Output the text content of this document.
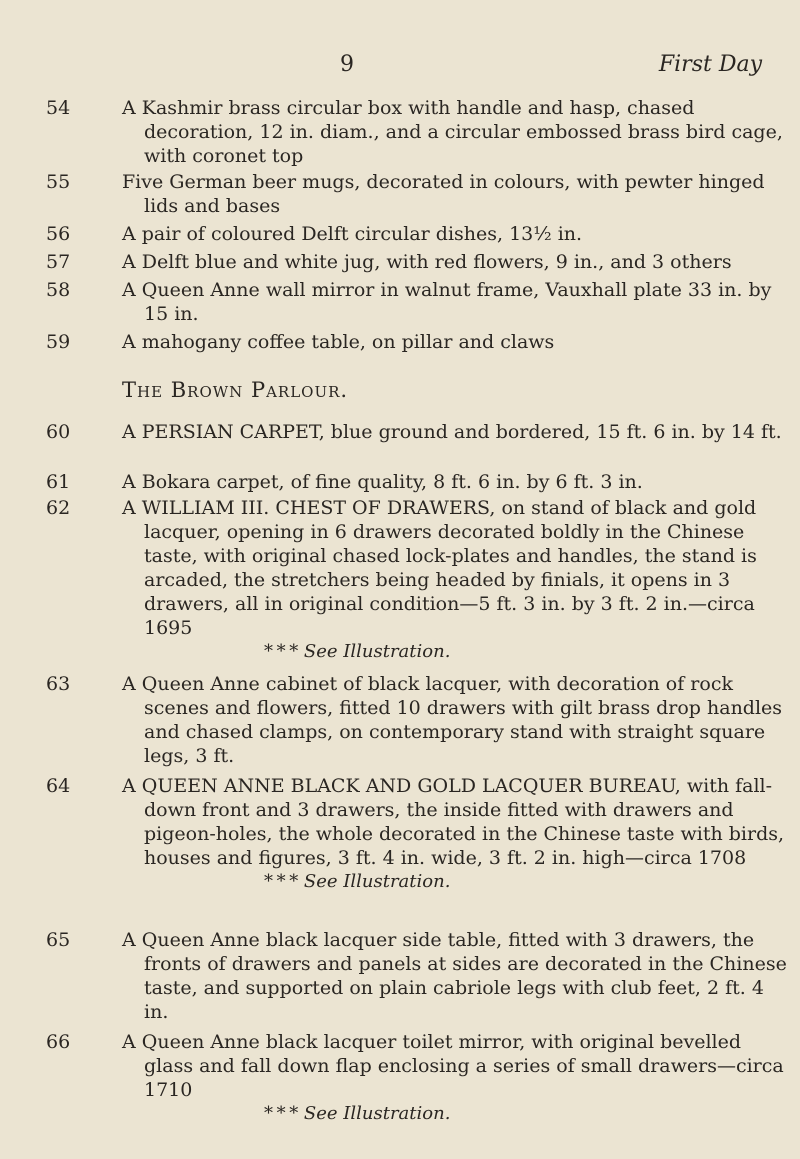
9	First Day
54	A Kashmir brass circular box with handle and hasp, chased decoration, 12 in. diam., and a circular embossed brass bird cage, with coronet top
55	Five German beer mugs, decorated in colours, with pewter hinged lids and bases
56	A pair of coloured Delft circular dishes, 13½ in.
57	A Delft blue and white jug, with red flowers, 9 in., and 3 others
58	A Queen Anne wall mirror in walnut frame, Vauxhall plate 33 in. by 15 in.
59	A mahogany coffee table, on pillar and claws
The Brown Parlour.
60	A PERSIAN CARPET, blue ground and bordered, 15 ft. 6 in. by 14 ft.
61	A Bokara carpet, of fine quality, 8 ft. 6 in. by 6 ft. 3 in.
62	A WILLIAM III. CHEST OF DRAWERS, on stand of black and gold lacquer, opening in 6 drawers decorated boldly in the Chinese taste, with original chased lock-plates and handles, the stand is arcaded, the stretchers being headed by finials, it opens in 3 drawers, all in original condition—5 ft. 3 in. by 3 ft. 2 in.—circa 1695
* * * See Illustration.
63	A Queen Anne cabinet of black lacquer, with decoration of rock scenes and flowers, fitted 10 drawers with gilt brass drop handles and chased clamps, on contemporary stand with straight square legs, 3 ft.
64	A QUEEN ANNE BLACK AND GOLD LACQUER BUREAU, with fall-down front and 3 drawers, the inside fitted with drawers and pigeon-holes, the whole decorated in the Chinese taste with birds, houses and figures, 3 ft. 4 in. wide, 3 ft. 2 in. high—circa 1708
* * * See Illustration.
65	A Queen Anne black lacquer side table, fitted with 3 drawers, the fronts of drawers and panels at sides are decorated in the Chinese taste, and supported on plain cabriole legs with club feet, 2 ft. 4 in.
66	A Queen Anne black lacquer toilet mirror, with original bevelled glass and fall down flap enclosing a series of small drawers—circa 1710
* * * See Illustration.
